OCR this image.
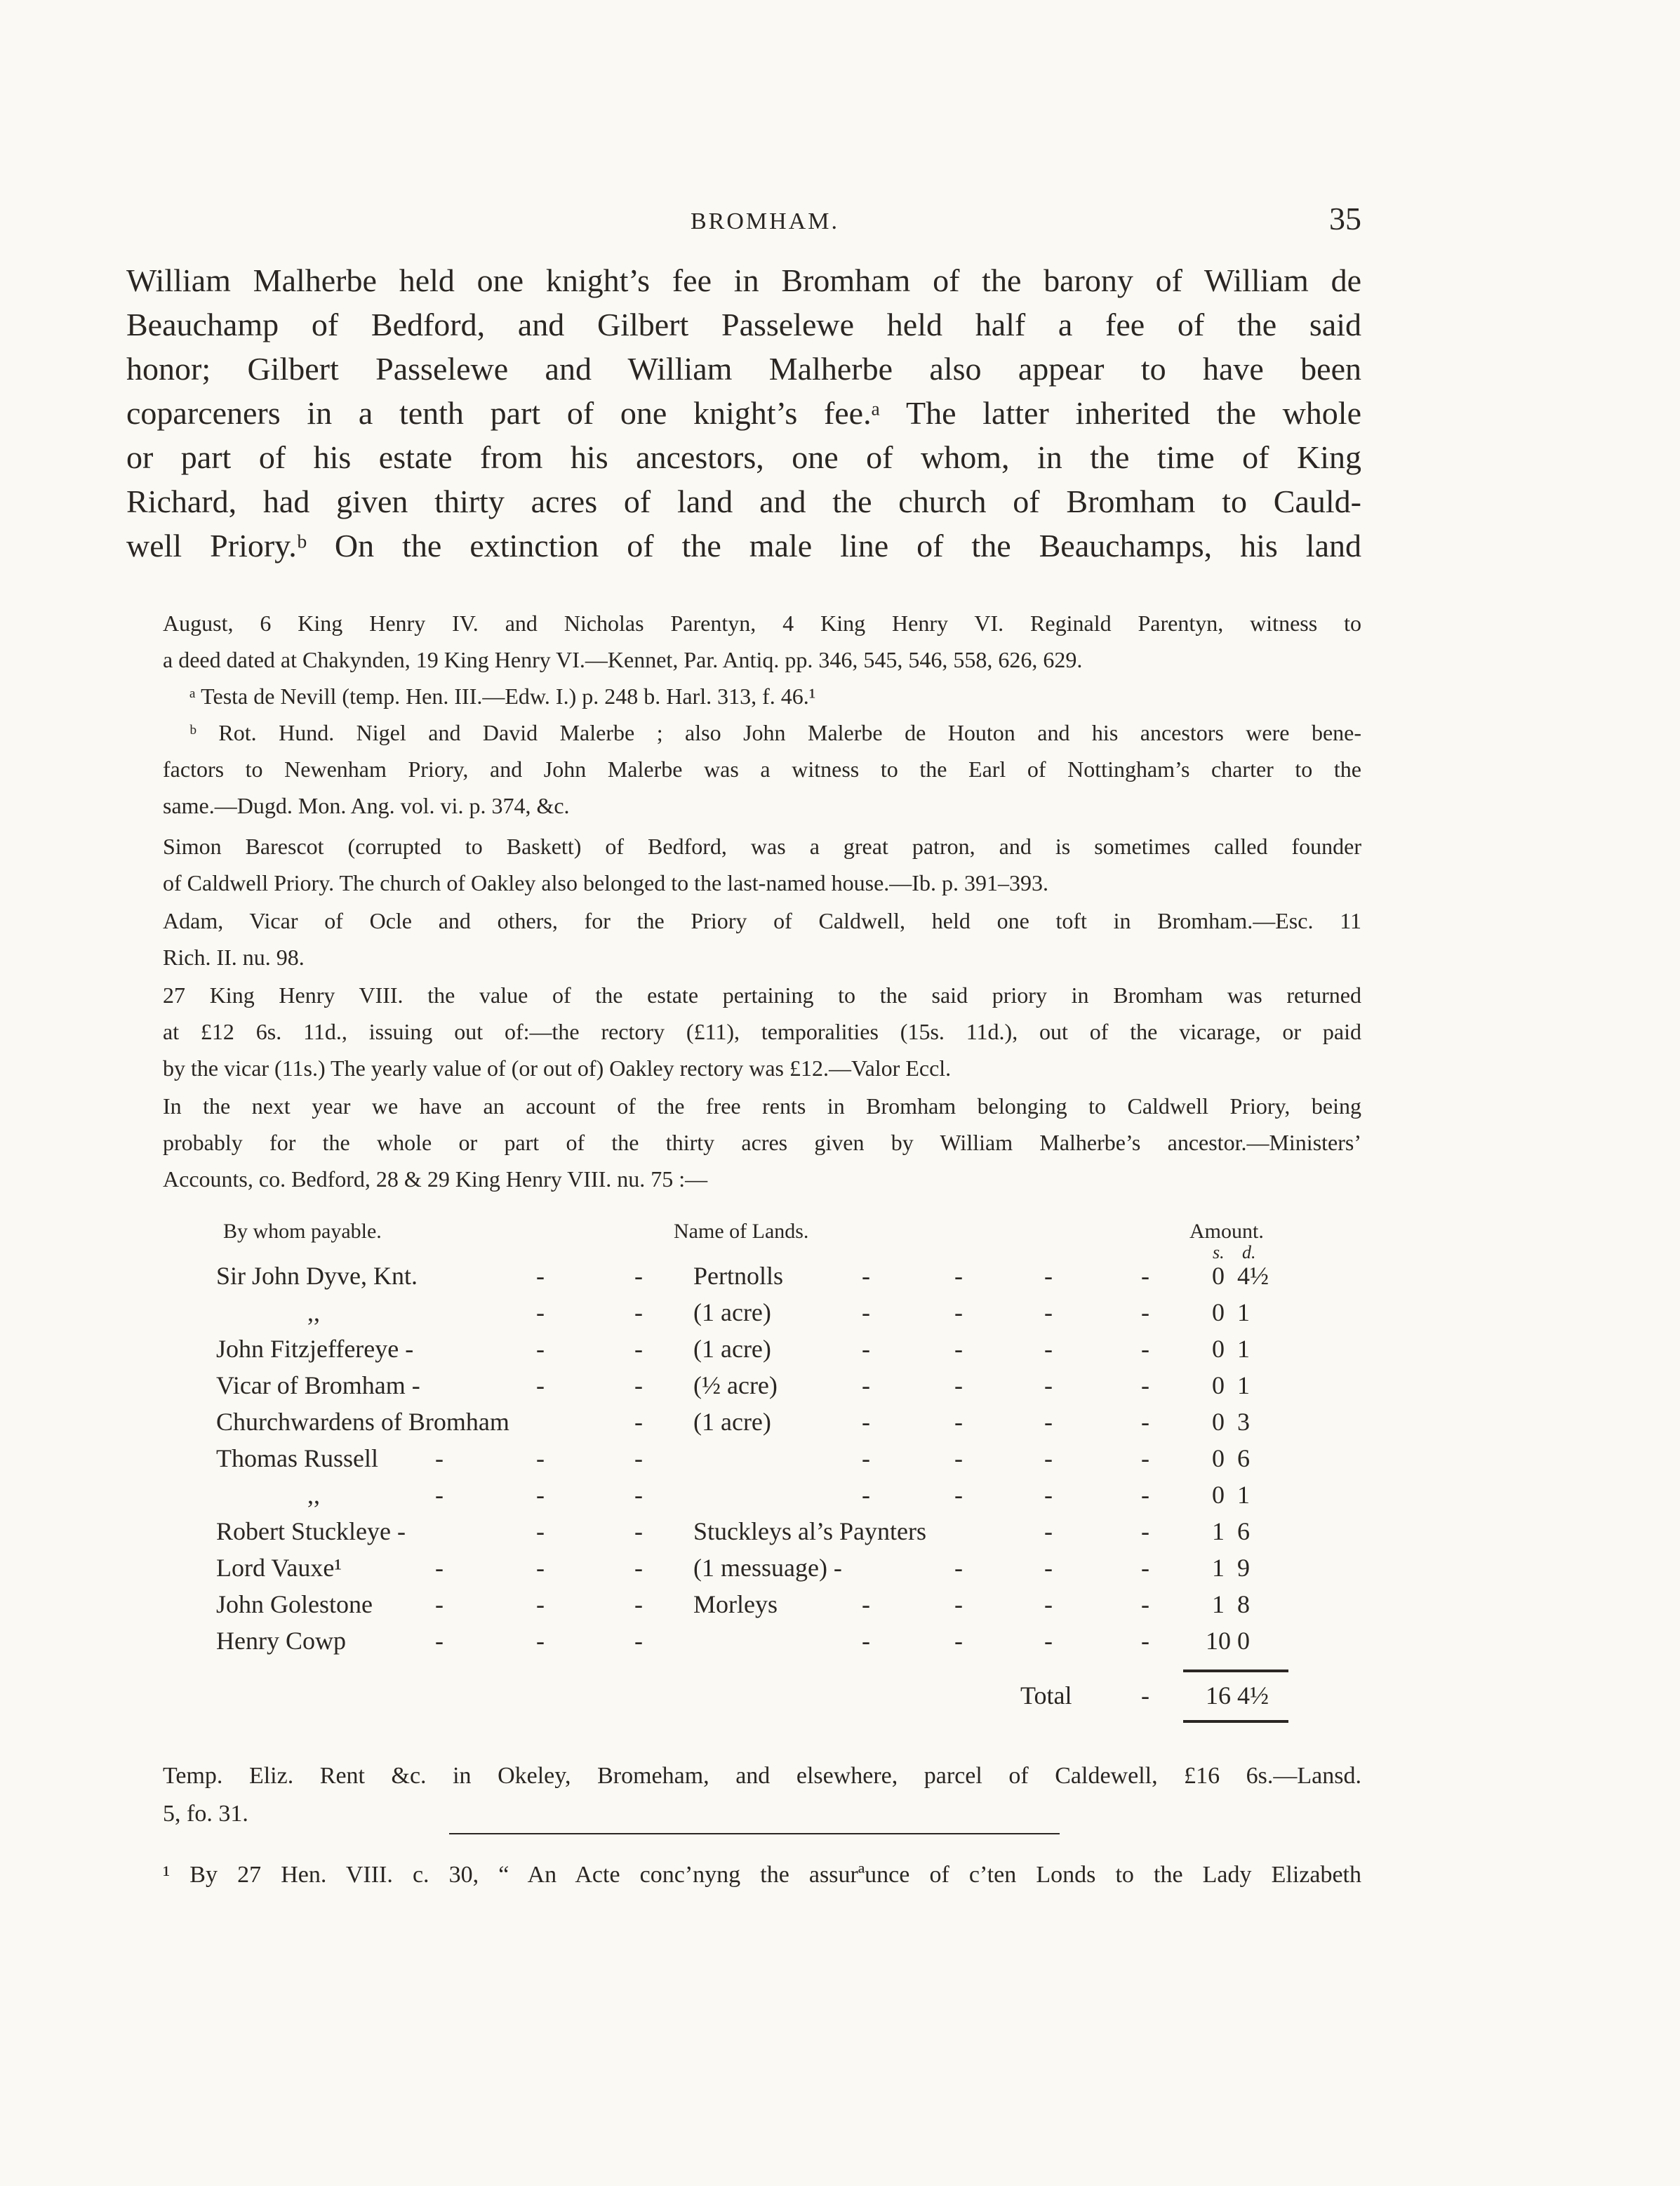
BROMHAM.	35
William Malherbe held one knight’s fee in Bromham of the barony of William de
Beauchamp of Bedford, and Gilbert Passelewe held half a fee of the said
honor; Gilbert Passelewe and William Malherbe also appear to have been
coparceners in a tenth part of one knight’s fee.ᵃ The latter inherited the whole
or part of his estate from his ancestors, one of whom, in the time of King
Richard, had given thirty acres of land and the church of Bromham to Cauld-
well Priory.ᵇ On the extinction of the male line of the Beauchamps, his land
August, 6 King Henry IV. and Nicholas Parentyn, 4 King Henry VI. Reginald Parentyn, witness to
a deed dated at Chakynden, 19 King Henry VI.—Kennet, Par. Antiq. pp. 346, 545, 546, 558, 626, 629.
ᵃ Testa de Nevill (temp. Hen. III.—Edw. I.) p. 248 b. Harl. 313, f. 46.¹
ᵇ Rot. Hund. Nigel and David Malerbe ; also John Malerbe de Houton and his ancestors were bene-
factors to Newenham Priory, and John Malerbe was a witness to the Earl of Nottingham’s charter to the
same.—Dugd. Mon. Ang. vol. vi. p. 374, &c.
Simon Barescot (corrupted to Baskett) of Bedford, was a great patron, and is sometimes called founder
of Caldwell Priory. The church of Oakley also belonged to the last-named house.—Ib. p. 391–393.
Adam, Vicar of Ocle and others, for the Priory of Caldwell, held one toft in Bromham.—Esc. 11
Rich. II. nu. 98.
27 King Henry VIII. the value of the estate pertaining to the said priory in Bromham was returned
at £12 6s. 11d., issuing out of:—the rectory (£11), temporalities (15s. 11d.), out of the vicarage, or paid
by the vicar (11s.) The yearly value of (or out of) Oakley rectory was £12.—Valor Eccl.
In the next year we have an account of the free rents in Bromham belonging to Caldwell Priory, being
probably for the whole or part of the thirty acres given by William Malherbe’s ancestor.—Ministers’
Accounts, co. Bedford, 28 & 29 King Henry VIII. nu. 75 :—
By whom payable.	Name of Lands.	Amount.
s. d.
Sir John Dyve, Knt.	-	- Pertnolls	-	-	-	-	0 4½
,,	-	- (1 acre)	-	-	-	-	0 1
John Fitzjeffereye -	-	- (1 acre)	-	-	-	-	0 1
Vicar of Bromham -	-	- (½ acre)	-	-	-	-	0 1
Churchwardens of Bromham	- (1 acre)	-	-	-	-	0 3
Thomas Russell -	-	-	-	-	-	-	0 6
,,	-	-	-	-	-	-	-	0 1
Robert Stuckleye -	-	- Stuckleys al’s Paynters	-	-	1 6
Lord Vauxe¹	-	-	- (1 messuage) -	-	-	-	1 9
John Golestone -	-	- Morleys	-	-	-	-	1 8
Henry Cowp	-	-	-	-	-	-	- 10 0
Total	- 16 4½
Temp. Eliz. Rent &c. in Okeley, Bromeham, and elsewhere, parcel of Caldewell, £16 6s.—Lansd.
5, fo. 31.
¹ By 27 Hen. VIII. c. 30, “ An Acte conc’nyng the assurªunce of c’ten Londs to the Lady Elizabeth
